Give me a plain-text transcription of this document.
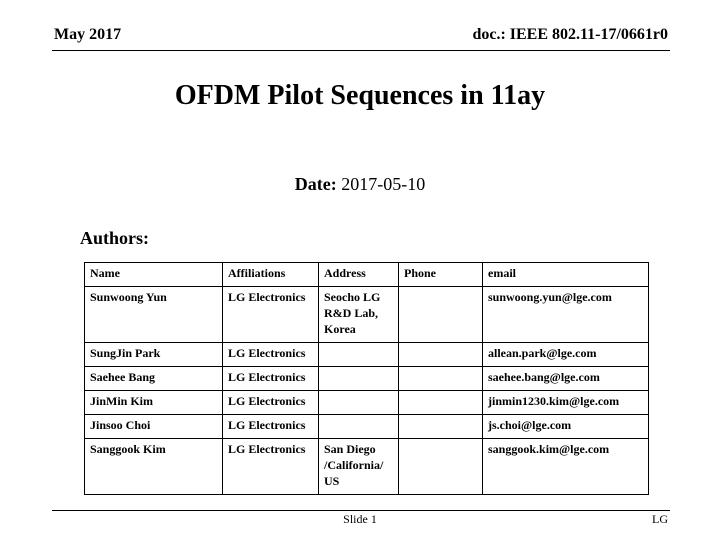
May 2017	doc.: IEEE 802.11-17/0661r0
OFDM Pilot Sequences in 11ay
Date: 2017-05-10
Authors:
Name	Affiliations	Address	Phone	email
Sunwoong Yun	LG Electronics	Seocho LG R&D Lab, Korea		sunwoong.yun@lge.com
SungJin Park	LG Electronics			allean.park@lge.com
Saehee Bang	LG Electronics			saehee.bang@lge.com
JinMin Kim	LG Electronics			jinmin1230.kim@lge.com
Jinsoo Choi	LG Electronics			js.choi@lge.com
Sanggook Kim	LG Electronics	San Diego /California/ US		sanggook.kim@lge.com
Slide 1	LG
